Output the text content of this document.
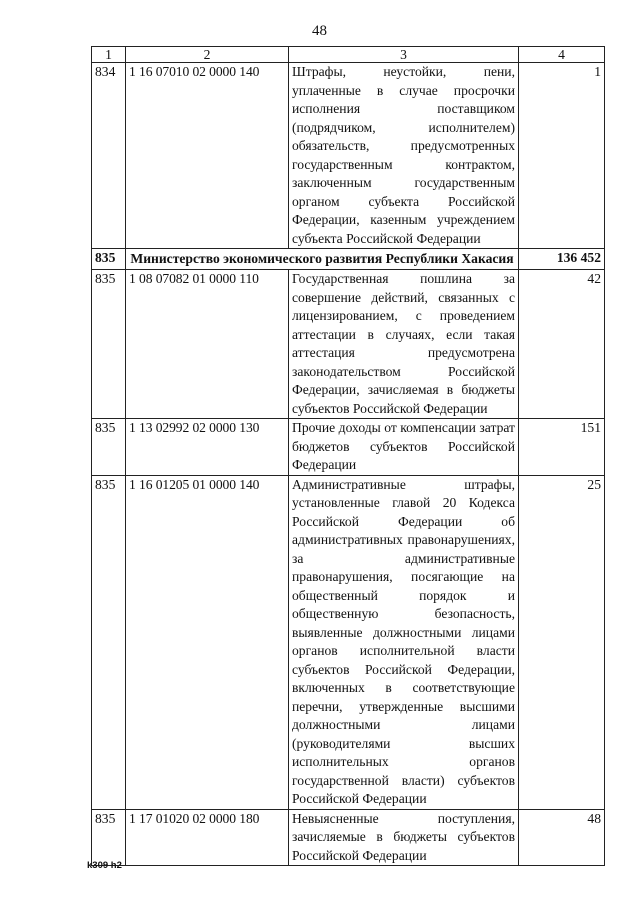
48
1	2	3	4
834	1 16 07010 02 0000 140	Штрафы, неустойки, пени, уплаченные в случае просрочки исполнения поставщиком (подрядчиком, исполнителем) обязательств, предусмотренных государственным контрактом, заключенным государственным органом субъекта Российской Федерации, казенным учреждением субъекта Российской Федерации	1
835	Министерство экономического развития Республики Хакасия		136 452
835	1 08 07082 01 0000 110	Государственная пошлина за совершение действий, связанных с лицензированием, с проведением аттестации в случаях, если такая аттестация предусмотрена законодательством Российской Федерации, зачисляемая в бюджеты субъектов Российской Федерации	42
835	1 13 02992 02 0000 130	Прочие доходы от компенсации затрат бюджетов субъектов Российской Федерации	151
835	1 16 01205 01 0000 140	Административные штрафы, установленные главой 20 Кодекса Российской Федерации об административных правонарушениях, за административные правонарушения, посягающие на общественный порядок и общественную безопасность, выявленные должностными лицами органов исполнительной власти субъектов Российской Федерации, включенных в соответствующие перечни, утвержденные высшими должностными лицами (руководителями высших исполнительных органов государственной власти) субъектов Российской Федерации	25
835	1 17 01020 02 0000 180	Невыясненные поступления, зачисляемые в бюджеты субъектов Российской Федерации	48
k309 h2
